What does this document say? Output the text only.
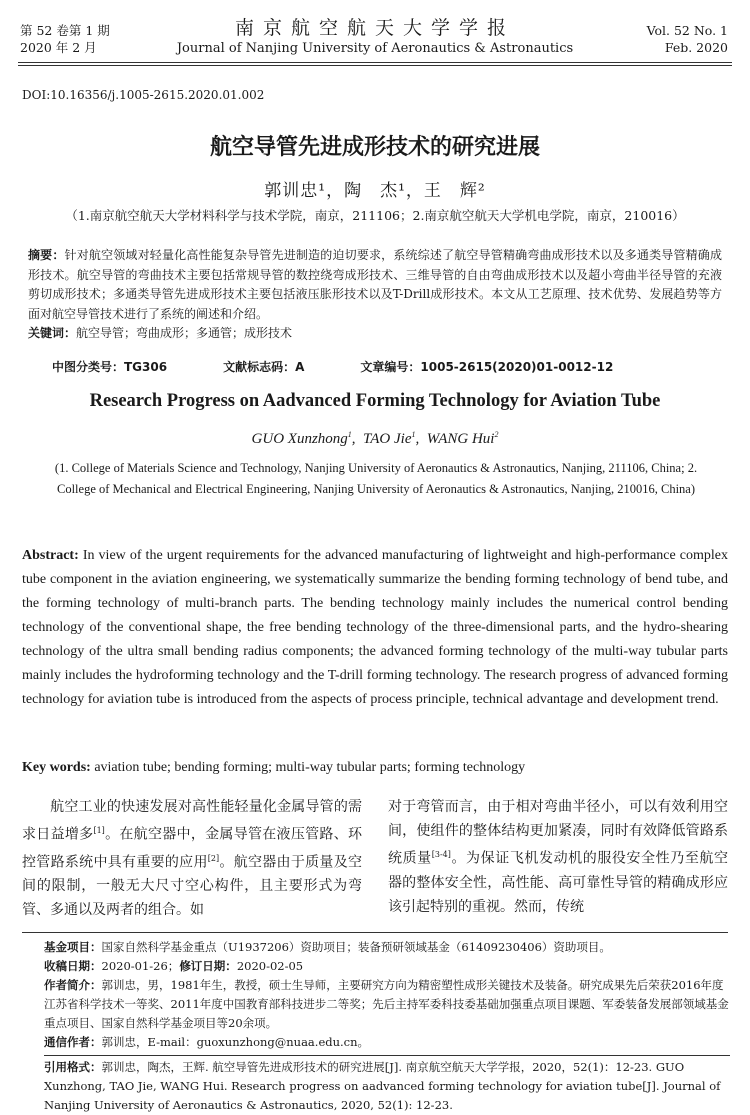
第 52 卷第 1 期
2020 年 2 月
南京航空航天大学学报
Journal of Nanjing University of Aeronautics & Astronautics
Vol. 52 No. 1
Feb. 2020
DOI:10.16356/j.1005-2615.2020.01.002
航空导管先进成形技术的研究进展
郭训忠¹，陶　杰¹，王　辉²
（1.南京航空航天大学材料科学与技术学院，南京，211106；2.南京航空航天大学机电学院，南京，210016）
摘要：针对航空领域对轻量化高性能复杂导管先进制造的迫切要求，系统综述了航空导管精确弯曲成形技术以及多通类导管精确成形技术。航空导管的弯曲技术主要包括常规导管的数控绕弯成形技术、三维导管的自由弯曲成形技术以及超小弯曲半径导管的充液剪切成形技术；多通类导管先进成形技术主要包括液压胀形技术以及T-Drill成形技术。本文从工艺原理、技术优势、发展趋势等方面对航空导管技术进行了系统的阐述和介绍。
关键词：航空导管；弯曲成形；多通管；成形技术
中图分类号：TG306	文献标志码：A	文章编号：1005-2615(2020)01-0012-12
Research Progress on Aadvanced Forming Technology for Aviation Tube
GUO Xunzhong$^1$,  TAO Jie$^1$,  WANG Hui$^2$
(1. College of Materials Science and Technology, Nanjing University of Aeronautics & Astronautics, Nanjing, 211106, China; 2. College of Mechanical and Electrical Engineering, Nanjing University of Aeronautics & Astronautics, Nanjing, 210016, China)
Abstract: In view of the urgent requirements for the advanced manufacturing of lightweight and high-performance complex tube component in the aviation engineering, we systematically summarize the bending forming technology of bend tube, and the forming technology of multi-branch parts. The bending technology mainly includes the numerical control bending technology of the conventional shape, the free bending technology of the three-dimensional parts, and the hydro-shearing technology of the ultra small bending radius components; the advanced forming technology of the multi-way tubular parts mainly includes the hydroforming technology and the T-drill forming technology. The research progress of advanced forming technology for aviation tube is introduced from the aspects of process principle, technical advantage and development trend.
Key words: aviation tube; bending forming; multi-way tubular parts; forming technology
航空工业的快速发展对高性能轻量化金属导管的需求日益增多[1]。在航空器中，金属导管在液压管路、环控管路系统中具有重要的应用[2]。航空器由于质量及空间的限制，一般无大尺寸空心构件，且主要形式为弯管、多通以及两者的组合。如
对于弯管而言，由于相对弯曲半径小，可以有效利用空间，使组件的整体结构更加紧凑，同时有效降低管路系统质量[3-4]。为保证飞机发动机的服役安全性乃至航空器的整体安全性，高性能、高可靠性导管的精确成形应该引起特别的重视。然而，传统

基金项目：国家自然科学基金重点（U1937206）资助项目；装备预研领域基金（61409230406）资助项目。

收稿日期：2020-01-26；修订日期：2020-02-05

作者简介：郭训忠，男，1981年生，教授，硕士生导师，主要研究方向为精密塑性成形关键技术及装备。研究成果先后荣获2016年度江苏省科学技术一等奖、2011年度中国教育部科技进步二等奖；先后主持军委科技委基础加强重点项目课题、军委装备发展部领域基金重点项目、国家自然科学基金项目等20余项。

通信作者：郭训忠，E-mail：guoxunzhong@nuaa.edu.cn。

引用格式：郭训忠，陶杰，王辉. 航空导管先进成形技术的研究进展[J]. 南京航空航天大学学报，2020，52(1)：12-23. GUO Xunzhong, TAO Jie, WANG Hui. Research progress on aadvanced forming technology for aviation tube[J]. Journal of Nanjing University of Aeronautics & Astronautics, 2020, 52(1): 12-23.
